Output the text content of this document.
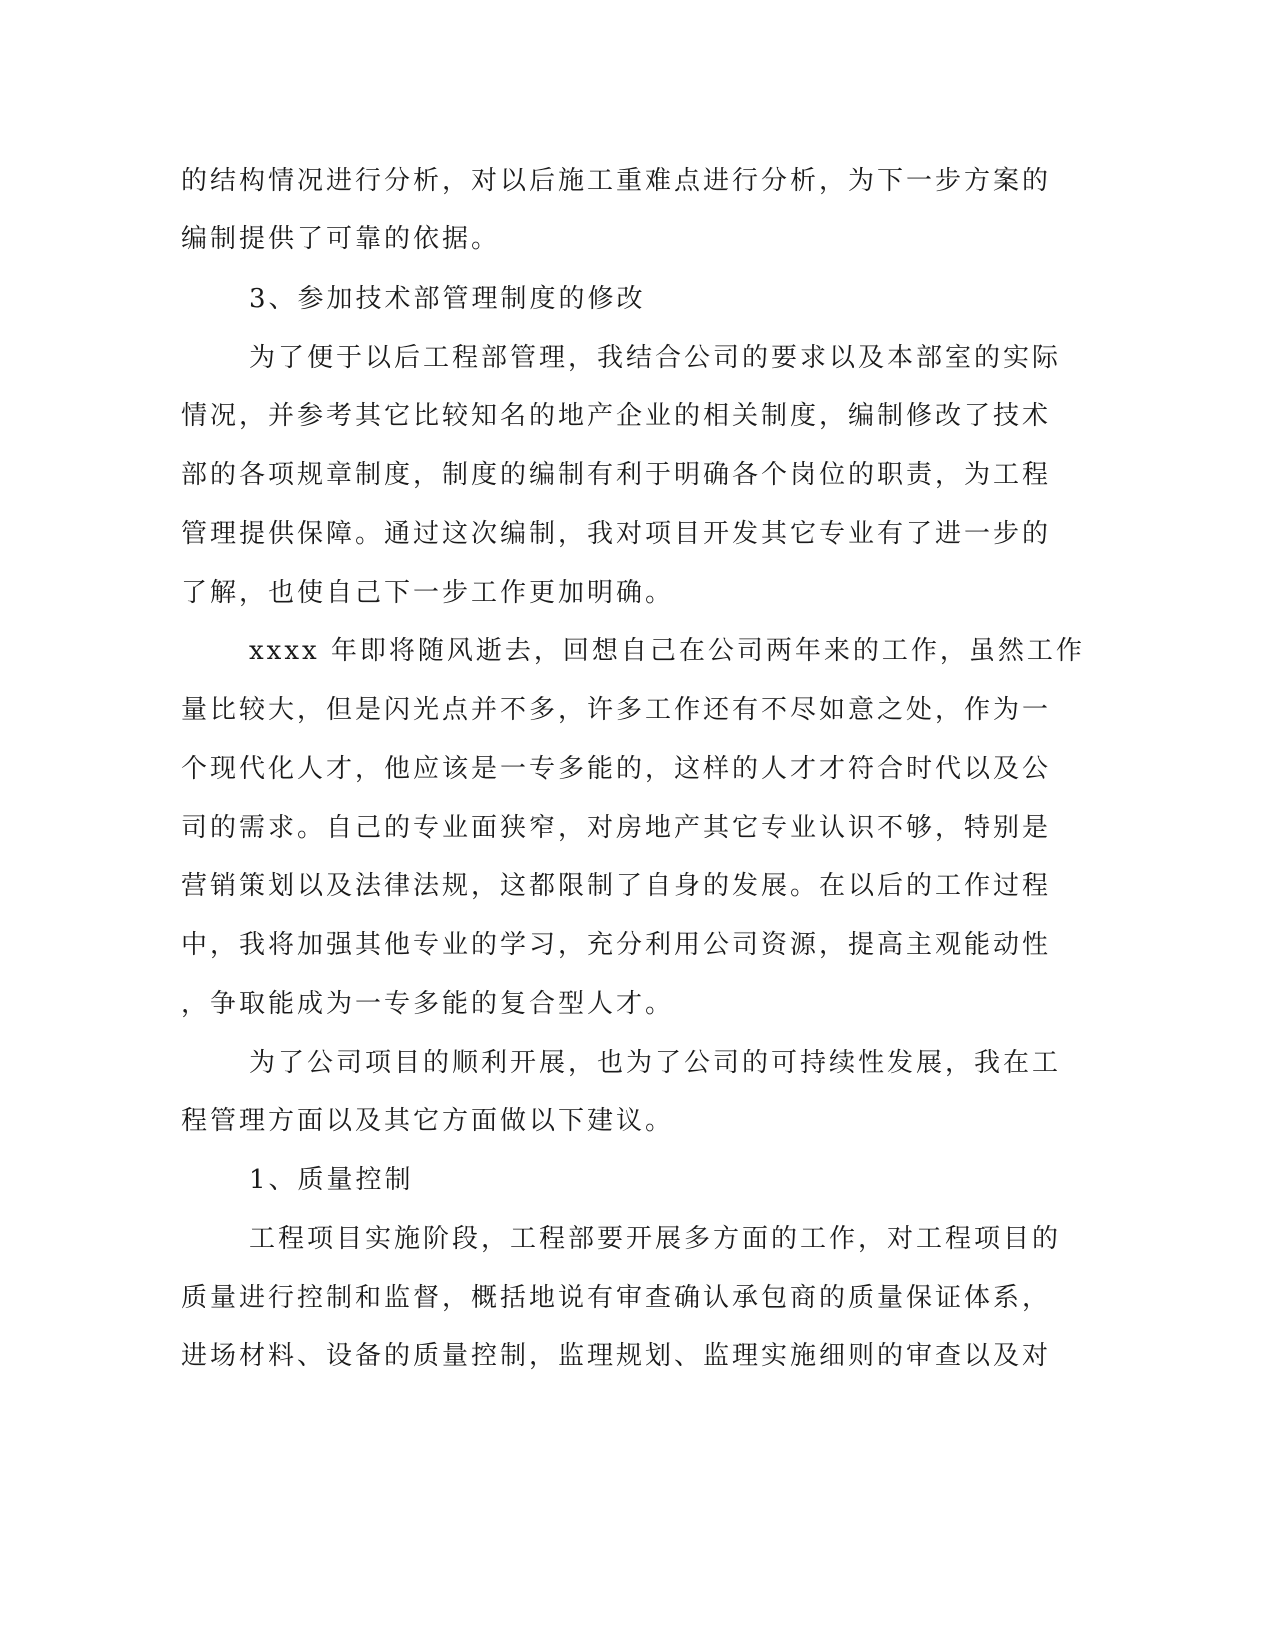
的结构情况进行分析，对以后施工重难点进行分析，为下一步方案的
编制提供了可靠的依据。
3、参加技术部管理制度的修改
为了便于以后工程部管理，我结合公司的要求以及本部室的实际
情况，并参考其它比较知名的地产企业的相关制度，编制修改了技术
部的各项规章制度，制度的编制有利于明确各个岗位的职责，为工程
管理提供保障。通过这次编制，我对项目开发其它专业有了进一步的
了解，也使自己下一步工作更加明确。
xxxx 年即将随风逝去，回想自己在公司两年来的工作，虽然工作
量比较大，但是闪光点并不多，许多工作还有不尽如意之处，作为一
个现代化人才，他应该是一专多能的，这样的人才才符合时代以及公
司的需求。自己的专业面狭窄，对房地产其它专业认识不够，特别是
营销策划以及法律法规，这都限制了自身的发展。在以后的工作过程
中，我将加强其他专业的学习，充分利用公司资源，提高主观能动性
，争取能成为一专多能的复合型人才。
为了公司项目的顺利开展，也为了公司的可持续性发展，我在工
程管理方面以及其它方面做以下建议。
1、质量控制
工程项目实施阶段，工程部要开展多方面的工作，对工程项目的
质量进行控制和监督，概括地说有审查确认承包商的质量保证体系，
进场材料、设备的质量控制，监理规划、监理实施细则的审查以及对
